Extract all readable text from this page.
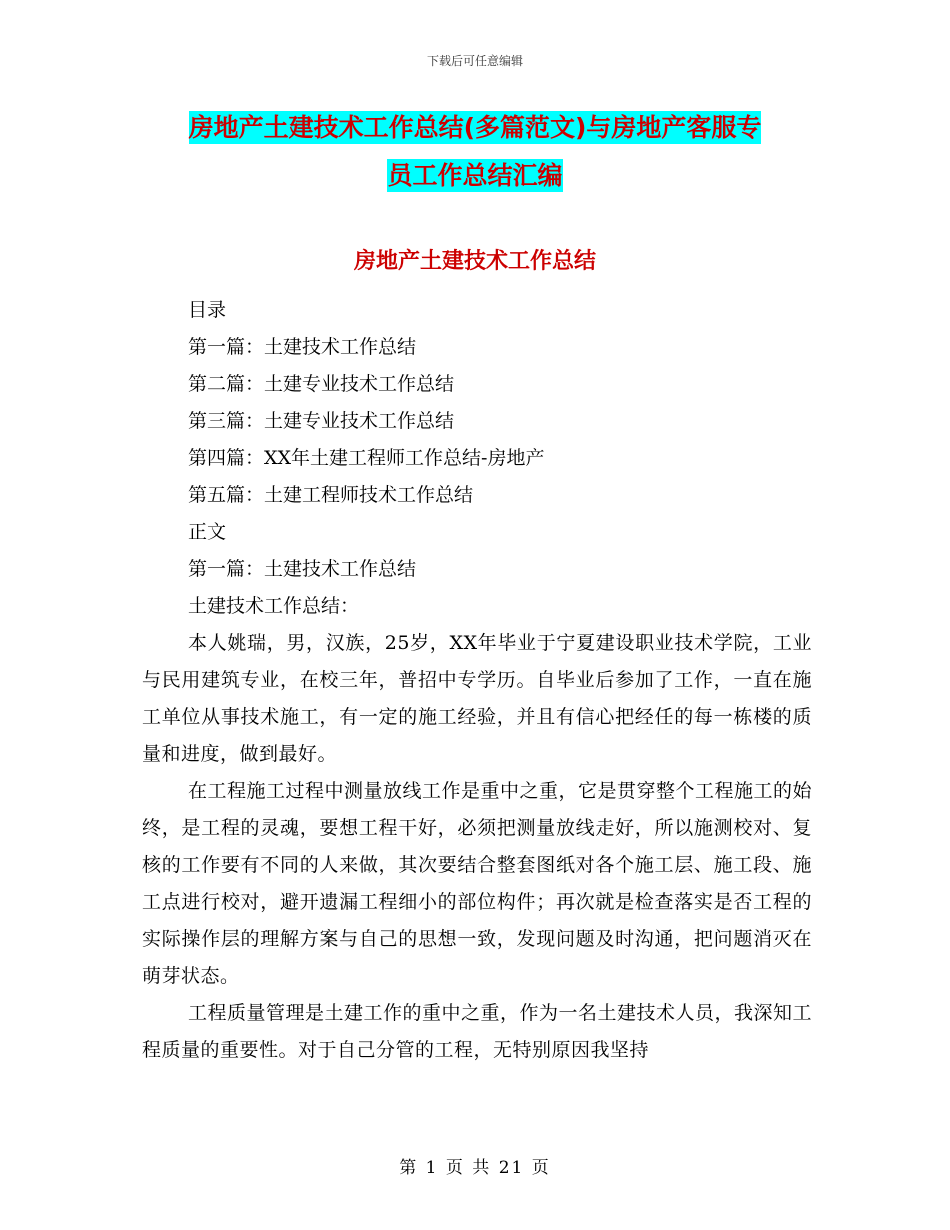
下载后可任意编辑
房地产土建技术工作总结(多篇范文)与房地产客服专
员工作总结汇编
房地产土建技术工作总结
目录
第一篇：土建技术工作总结
第二篇：土建专业技术工作总结
第三篇：土建专业技术工作总结
第四篇：XX年土建工程师工作总结-房地产
第五篇：土建工程师技术工作总结
正文
第一篇：土建技术工作总结
土建技术工作总结：
本人姚瑞，男，汉族，25岁，XX年毕业于宁夏建设职业技术学院，工业与民用建筑专业，在校三年，普招中专学历。自毕业后参加了工作，一直在施工单位从事技术施工，有一定的施工经验，并且有信心把经任的每一栋楼的质量和进度，做到最好。
在工程施工过程中测量放线工作是重中之重，它是贯穿整个工程施工的始终，是工程的灵魂，要想工程干好，必须把测量放线走好，所以施测校对、复核的工作要有不同的人来做，其次要结合整套图纸对各个施工层、施工段、施工点进行校对，避开遗漏工程细小的部位构件；再次就是检查落实是否工程的实际操作层的理解方案与自己的思想一致，发现问题及时沟通，把问题消灭在萌芽状态。
工程质量管理是土建工作的重中之重，作为一名土建技术人员，我深知工程质量的重要性。对于自己分管的工程，无特别原因我坚持
第 1 页 共 21 页
